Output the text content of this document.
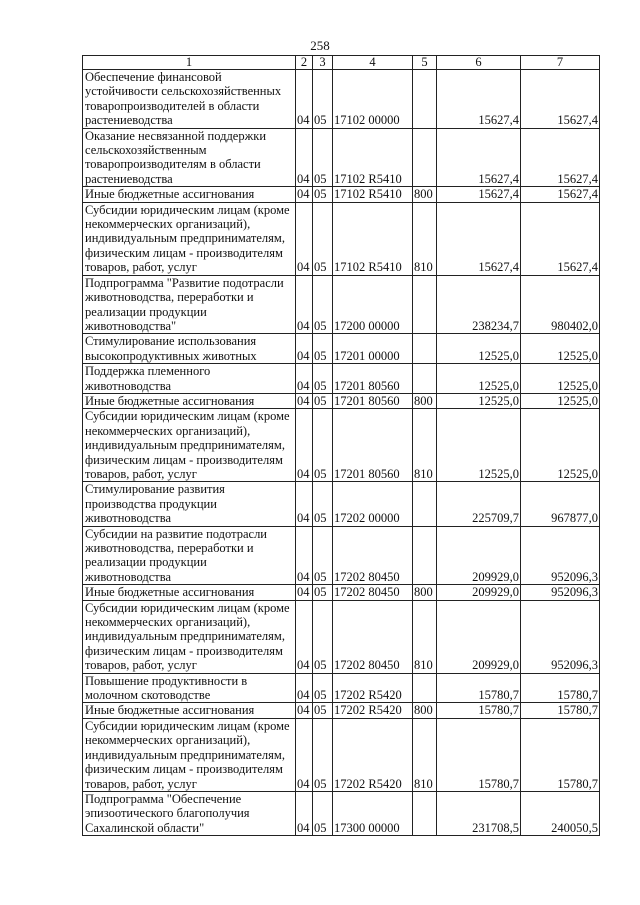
258
1	2	3	4	5	6	7
Обеспечение финансовой устойчивости сельскохозяйственных товаропроизводителей в области растениеводства	04	05	17102 00000		15627,4	15627,4
Оказание несвязанной поддержки сельскохозяйственным товаропроизводителям в области растениеводства	04	05	17102 R5410		15627,4	15627,4
Иные бюджетные ассигнования	04	05	17102 R5410	800	15627,4	15627,4
Субсидии юридическим лицам (кроме некоммерческих организаций), индивидуальным предпринимателям, физическим лицам - производителям товаров, работ, услуг	04	05	17102 R5410	810	15627,4	15627,4
Подпрограмма "Развитие подотрасли животноводства, переработки и реализации продукции животноводства"	04	05	17200 00000		238234,7	980402,0
Стимулирование использования высокопродуктивных животных	04	05	17201 00000		12525,0	12525,0
Поддержка племенного животноводства	04	05	17201 80560		12525,0	12525,0
Иные бюджетные ассигнования	04	05	17201 80560	800	12525,0	12525,0
Субсидии юридическим лицам (кроме некоммерческих организаций), индивидуальным предпринимателям, физическим лицам - производителям товаров, работ, услуг	04	05	17201 80560	810	12525,0	12525,0
Стимулирование развития производства продукции животноводства	04	05	17202 00000		225709,7	967877,0
Субсидии на развитие подотрасли животноводства, переработки и реализации продукции животноводства	04	05	17202 80450		209929,0	952096,3
Иные бюджетные ассигнования	04	05	17202 80450	800	209929,0	952096,3
Субсидии юридическим лицам (кроме некоммерческих организаций), индивидуальным предпринимателям, физическим лицам - производителям товаров, работ, услуг	04	05	17202 80450	810	209929,0	952096,3
Повышение продуктивности в молочном скотоводстве	04	05	17202 R5420		15780,7	15780,7
Иные бюджетные ассигнования	04	05	17202 R5420	800	15780,7	15780,7
Субсидии юридическим лицам (кроме некоммерческих организаций), индивидуальным предпринимателям, физическим лицам - производителям товаров, работ, услуг	04	05	17202 R5420	810	15780,7	15780,7
Подпрограмма "Обеспечение эпизоотического благополучия Сахалинской области"	04	05	17300 00000		231708,5	240050,5
